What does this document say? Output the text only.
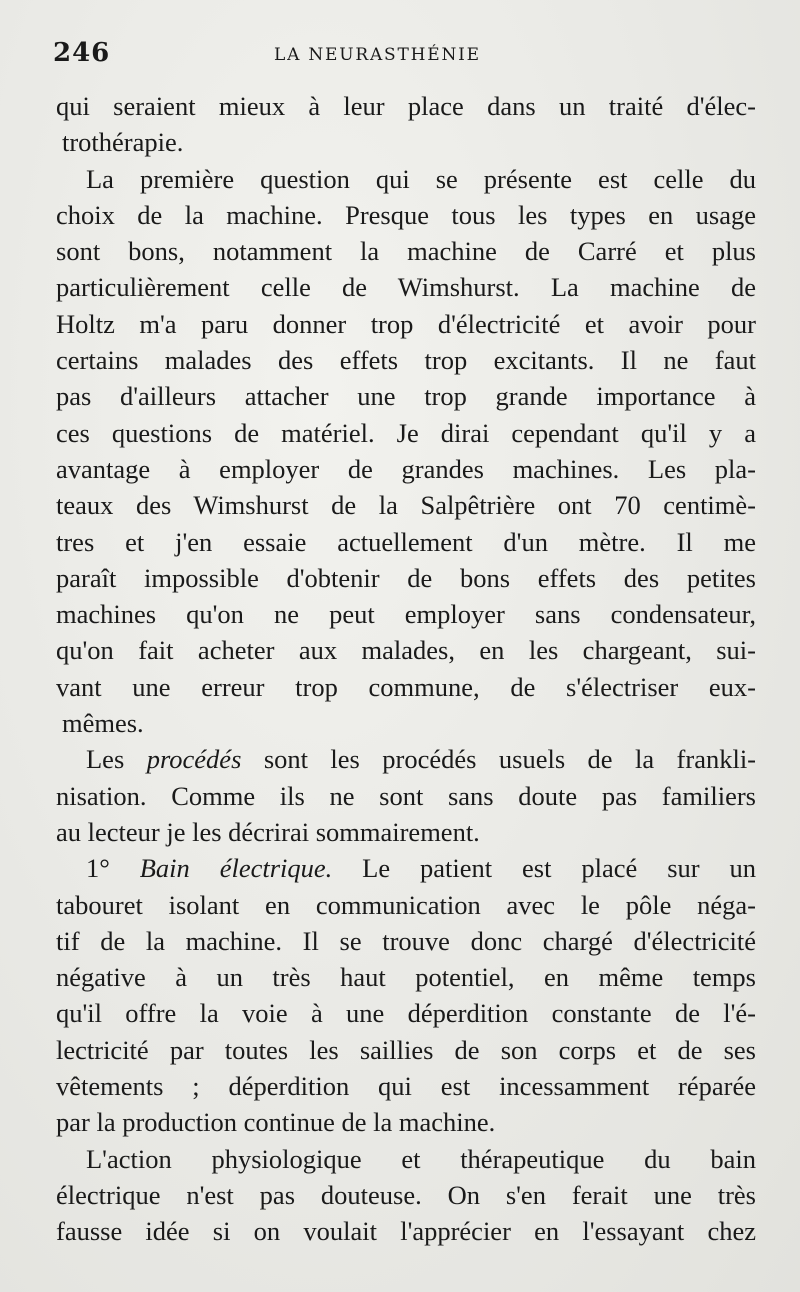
246	LA NEURASTHÉNIE
qui seraient mieux à leur place dans un traité d'élec-
trothérapie.
La première question qui se présente est celle du
choix de la machine. Presque tous les types en usage
sont bons, notamment la machine de Carré et plus
particulièrement celle de Wimshurst. La machine de
Holtz m'a paru donner trop d'électricité et avoir pour
certains malades des effets trop excitants. Il ne faut
pas d'ailleurs attacher une trop grande importance à
ces questions de matériel. Je dirai cependant qu'il y a
avantage à employer de grandes machines. Les pla-
teaux des Wimshurst de la Salpêtrière ont 70 centimè-
tres et j'en essaie actuellement d'un mètre. Il me
paraît impossible d'obtenir de bons effets des petites
machines qu'on ne peut employer sans condensateur,
qu'on fait acheter aux malades, en les chargeant, sui-
vant une erreur trop commune, de s'électriser eux-
mêmes.
Les procédés sont les procédés usuels de la frankli-
nisation. Comme ils ne sont sans doute pas familiers
au lecteur je les décrirai sommairement.
1° Bain électrique. Le patient est placé sur un
tabouret isolant en communication avec le pôle néga-
tif de la machine. Il se trouve donc chargé d'électricité
négative à un très haut potentiel, en même temps
qu'il offre la voie à une déperdition constante de l'é-
lectricité par toutes les saillies de son corps et de ses
vêtements ; déperdition qui est incessamment réparée
par la production continue de la machine.
L'action physiologique et thérapeutique du bain
électrique n'est pas douteuse. On s'en ferait une très
fausse idée si on voulait l'apprécier en l'essayant chez
